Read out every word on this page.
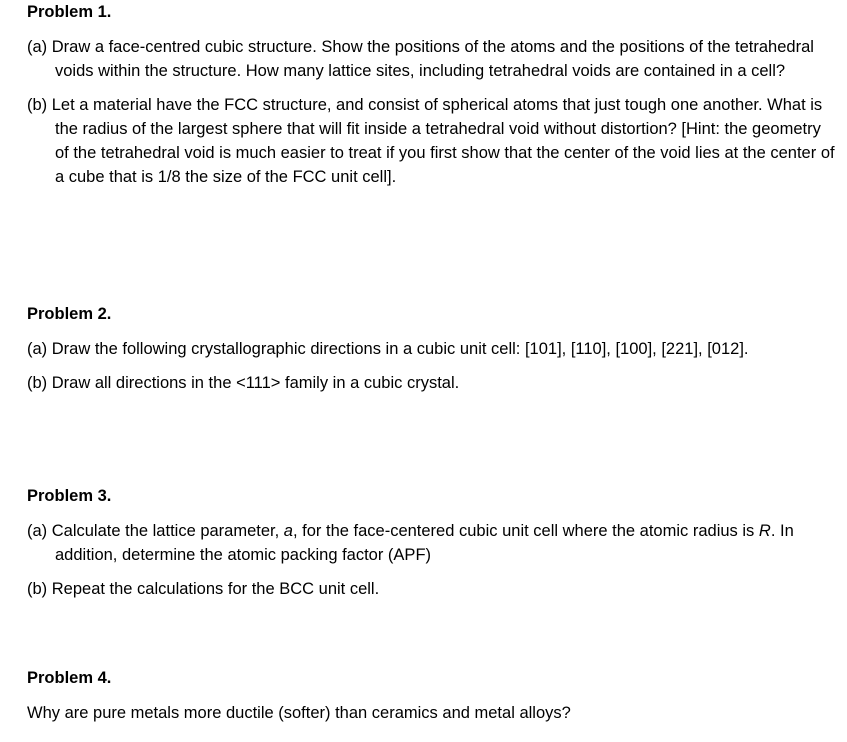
Problem 1.

(a) Draw a face-centred cubic structure. Show the positions of the atoms and the positions of the tetrahedral voids within the structure. How many lattice sites, including tetrahedral voids are contained in a cell?

(b) Let a material have the FCC structure, and consist of spherical atoms that just tough one another. What is the radius of the largest sphere that will fit inside a tetrahedral void without distortion? [Hint: the geometry of the tetrahedral void is much easier to treat if you first show that the center of the void lies at the center of a cube that is 1/8 the size of the FCC unit cell].

Problem 2.

(a) Draw the following crystallographic directions in a cubic unit cell: [101], [110], [100], [221], [012].

(b) Draw all directions in the <111> family in a cubic crystal.

Problem 3.

(a) Calculate the lattice parameter, a, for the face-centered cubic unit cell where the atomic radius is R. In addition, determine the atomic packing factor (APF)

(b) Repeat the calculations for the BCC unit cell.

Problem 4.

Why are pure metals more ductile (softer) than ceramics and metal alloys?
